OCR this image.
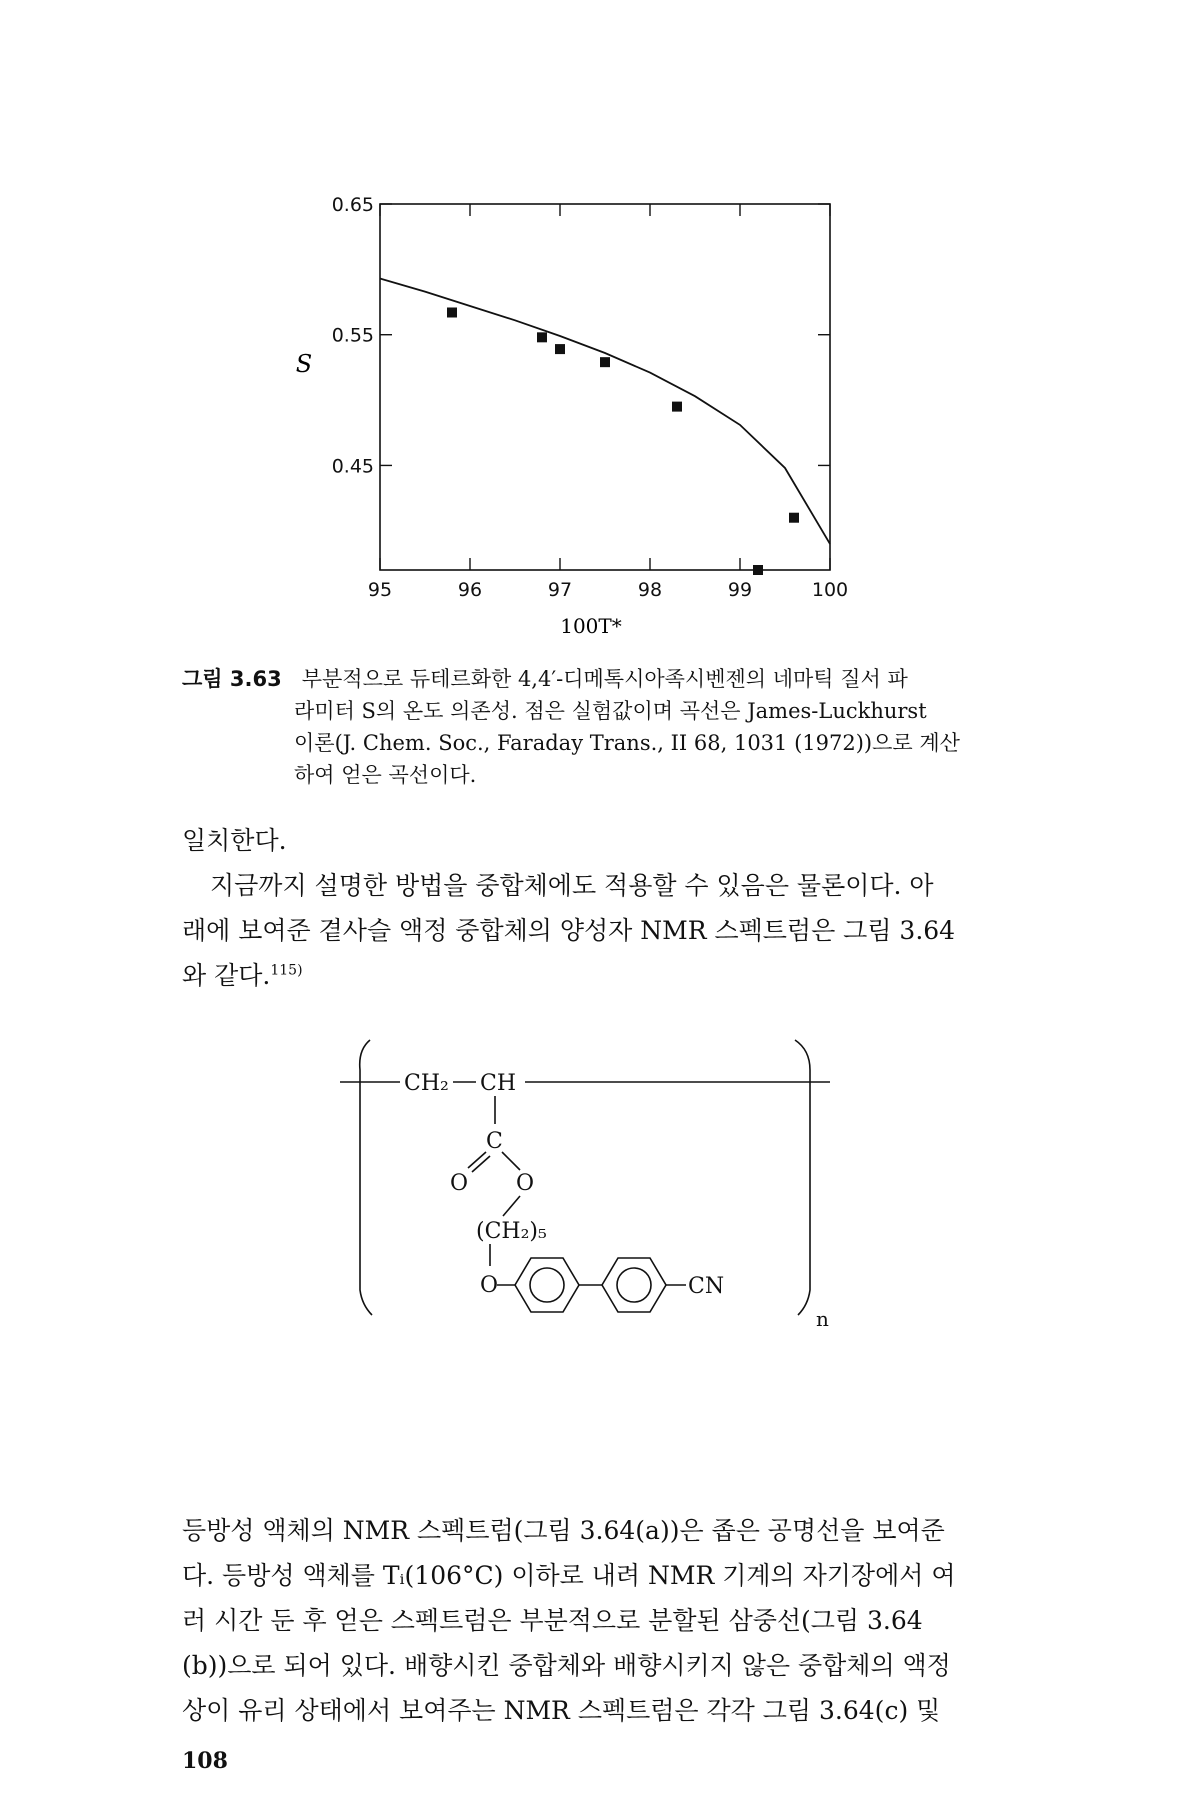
95	96	97	98	99	100
0.65
0.55
0.45
S
100T*
그림 3.63 부분적으로 듀테르화한 4,4′-디메톡시아족시벤젠의 네마틱 질서 파
라미터 S의 온도 의존성. 점은 실험값이며 곡선은 James-Luckhurst
이론(J. Chem. Soc., Faraday Trans., II 68, 1031 (1972))으로 계산
하여 얻은 곡선이다.
일치한다.
지금까지 설명한 방법을 중합체에도 적용할 수 있음은 물론이다. 아
래에 보여준 곁사슬 액정 중합체의 양성자 NMR 스펙트럼은 그림 3.64
와 같다.$^{115)}$
CH₂ CH
C
O O
(CH₂)₅
O	CN
n
등방성 액체의 NMR 스펙트럼(그림 3.64(a))은 좁은 공명선을 보여준
다. 등방성 액체를 Tᵢ(106°C) 이하로 내려 NMR 기계의 자기장에서 여
러 시간 둔 후 얻은 스펙트럼은 부분적으로 분할된 삼중선(그림 3.64
(b))으로 되어 있다. 배향시킨 중합체와 배향시키지 않은 중합체의 액정
상이 유리 상태에서 보여주는 NMR 스펙트럼은 각각 그림 3.64(c) 및
108
